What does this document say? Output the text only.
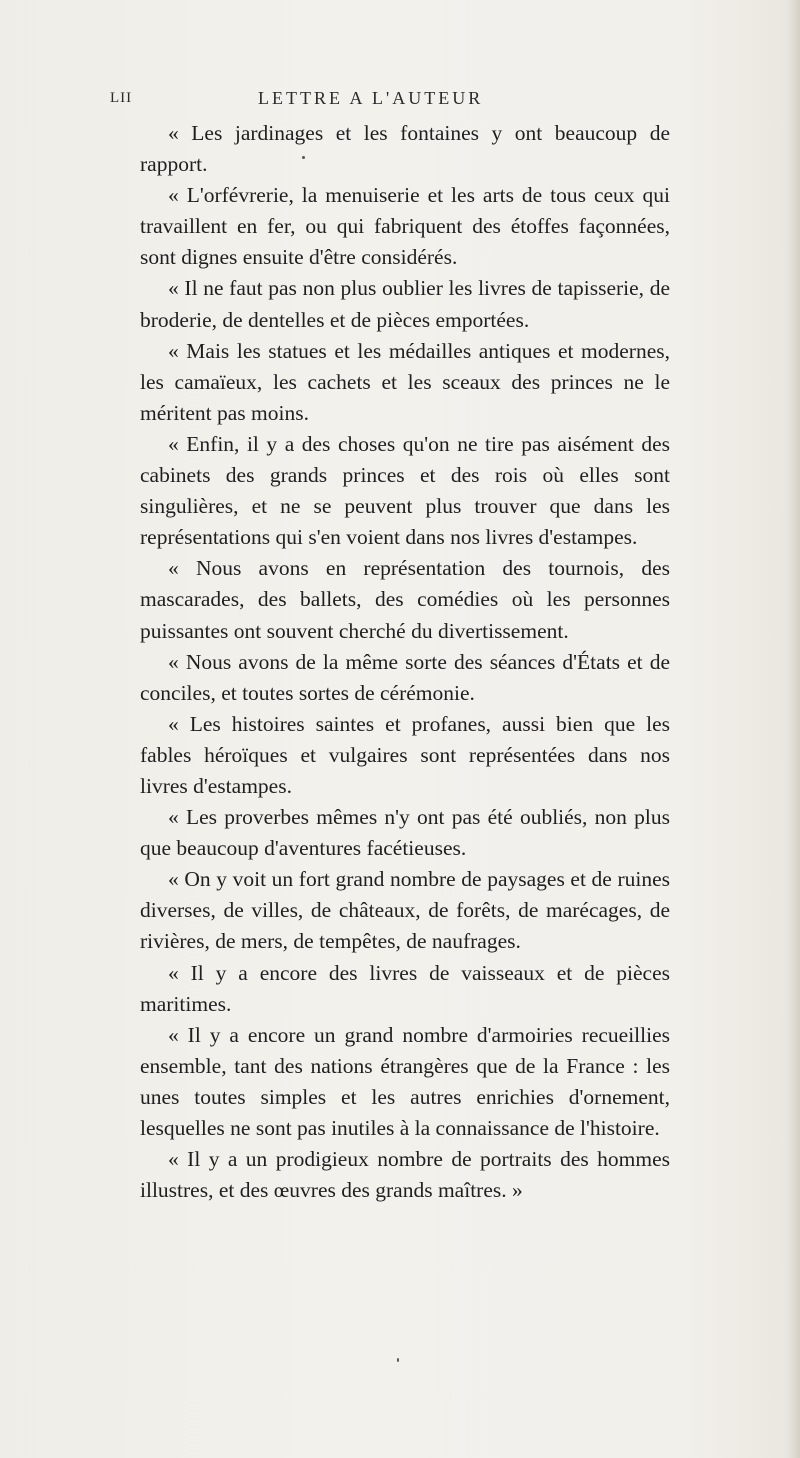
LII	LETTRE A L'AUTEUR

« Les jardinages et les fontaines y ont beaucoup de rapport.

« L'orfévrerie, la menuiserie et les arts de tous ceux qui travaillent en fer, ou qui fabriquent des étoffes façonnées, sont dignes ensuite d'être considérés.

« Il ne faut pas non plus oublier les livres de tapisserie, de broderie, de dentelles et de pièces emportées.

« Mais les statues et les médailles antiques et modernes, les camaïeux, les cachets et les sceaux des princes ne le méritent pas moins.

« Enfin, il y a des choses qu'on ne tire pas aisément des cabinets des grands princes et des rois où elles sont singulières, et ne se peuvent plus trouver que dans les représentations qui s'en voient dans nos livres d'estampes.

« Nous avons en représentation des tournois, des mascarades, des ballets, des comédies où les personnes puissantes ont souvent cherché du divertissement.

« Nous avons de la même sorte des séances d'États et de conciles, et toutes sortes de cérémonie.

« Les histoires saintes et profanes, aussi bien que les fables héroïques et vulgaires sont représentées dans nos livres d'estampes.

« Les proverbes mêmes n'y ont pas été oubliés, non plus que beaucoup d'aventures facétieuses.

« On y voit un fort grand nombre de paysages et de ruines diverses, de villes, de châteaux, de forêts, de marécages, de rivières, de mers, de tempêtes, de naufrages.

« Il y a encore des livres de vaisseaux et de pièces maritimes.

« Il y a encore un grand nombre d'armoiries recueillies ensemble, tant des nations étrangères que de la France : les unes toutes simples et les autres enrichies d'ornement, lesquelles ne sont pas inutiles à la connaissance de l'histoire.

« Il y a un prodigieux nombre de portraits des hommes illustres, et des œuvres des grands maîtres. »
